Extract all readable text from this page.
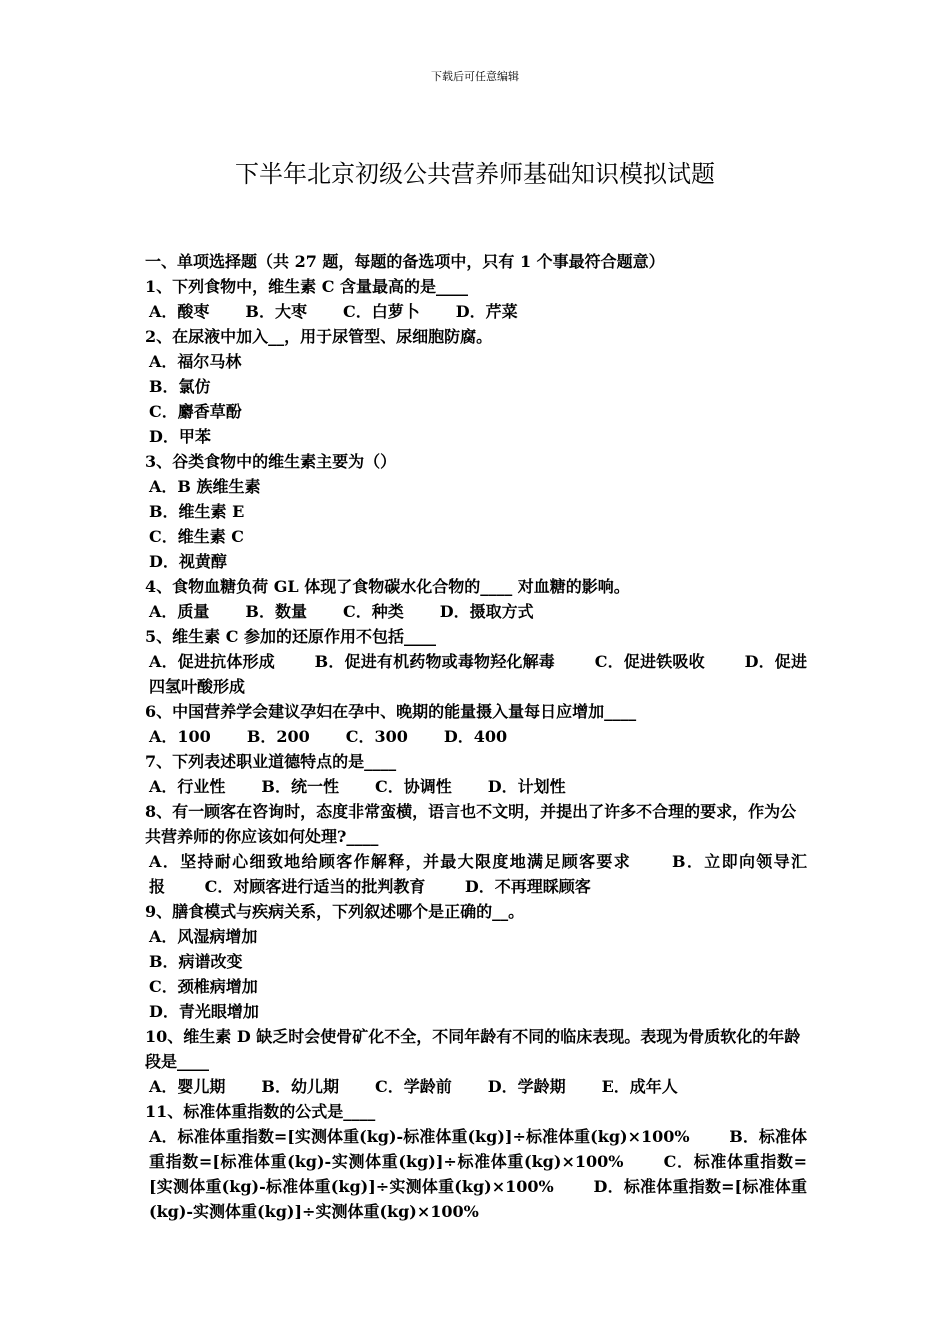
下载后可任意编辑
下半年北京初级公共营养师基础知识模拟试题
一、单项选择题（共 27 题，每题的备选项中，只有 1 个事最符合题意）
1、下列食物中，维生素 C 含量最高的是____
A．酸枣 B．大枣 C．白萝卜 D．芹菜
2、在尿液中加入__，用于尿管型、尿细胞防腐。
A．福尔马林
B．氯仿
C．麝香草酚
D．甲苯
3、谷类食物中的维生素主要为（）
A．B 族维生素
B．维生素 E
C．维生素 C
D．视黄醇
4、食物血糖负荷 GL 体现了食物碳水化合物的____ 对血糖的影响。
A．质量 B．数量 C．种类 D．摄取方式
5、维生素 C 参加的还原作用不包括____
A．促进抗体形成 B．促进有机药物或毒物羟化解毒 C．促进铁吸收 D．促进四氢叶酸形成
6、中国营养学会建议孕妇在孕中、晚期的能量摄入量每日应增加____
A．100 B．200 C．300 D．400
7、下列表述职业道德特点的是____
A．行业性 B．统一性 C．协调性 D．计划性
8、有一顾客在咨询时，态度非常蛮横，语言也不文明，并提出了许多不合理的要求，作为公共营养师的你应该如何处理?____
A．坚持耐心细致地给顾客作解释，并最大限度地满足顾客要求	B．立即向领导汇报 C．对顾客进行适当的批判教育 D．不再理睬顾客
9、膳食模式与疾病关系，下列叙述哪个是正确的__。
A．风湿病增加
B．病谱改变
C．颈椎病增加
D．青光眼增加
10、维生素 D 缺乏时会使骨矿化不全，不同年龄有不同的临床表现。表现为骨质软化的年龄段是____
A．婴儿期 B．幼儿期 C．学龄前 D．学龄期 E．成年人
11、标准体重指数的公式是____
A．标准体重指数=[实测体重(kg)-标准体重(kg)]÷标准体重(kg)×100% B．标准体重指数=[标准体重(kg)-实测体重(kg)]÷标准体重(kg)×100%	C．标准体重指数=[实测体重(kg)-标准体重(kg)]÷实测体重(kg)×100% D．标准体重指数=[标准体重(kg)-实测体重(kg)]÷实测体重(kg)×100%
